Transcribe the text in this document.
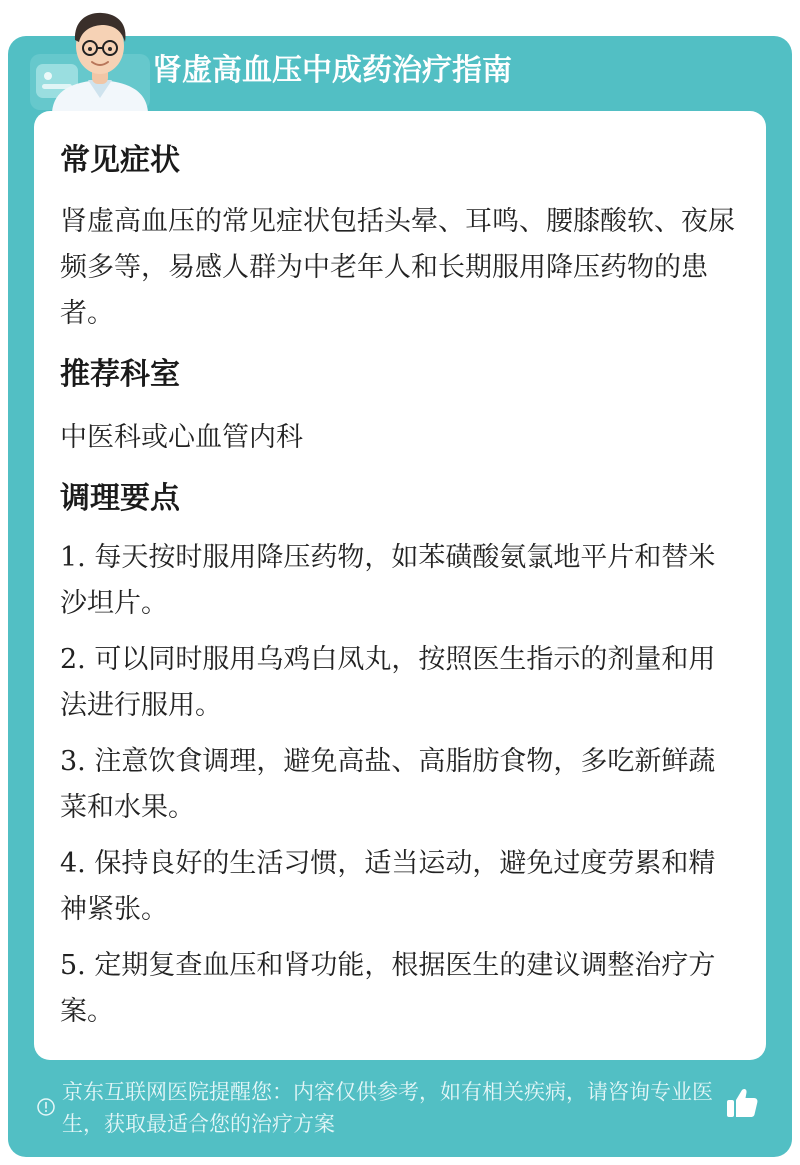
肾虚高血压中成药治疗指南
常见症状

肾虚高血压的常见症状包括头晕、耳鸣、腰膝酸软、夜尿频多等，易感人群为中老年人和长期服用降压药物的患者。

推荐科室

中医科或心血管内科

调理要点
1. 每天按时服用降压药物，如苯磺酸氨氯地平片和替米沙坦片。
2. 可以同时服用乌鸡白凤丸，按照医生指示的剂量和用法进行服用。
3. 注意饮食调理，避免高盐、高脂肪食物，多吃新鲜蔬菜和水果。
4. 保持良好的生活习惯，适当运动，避免过度劳累和精神紧张。
5. 定期复查血压和肾功能，根据医生的建议调整治疗方案。
京东互联网医院提醒您：内容仅供参考，如有相关疾病，请咨询专业医生，获取最适合您的治疗方案
